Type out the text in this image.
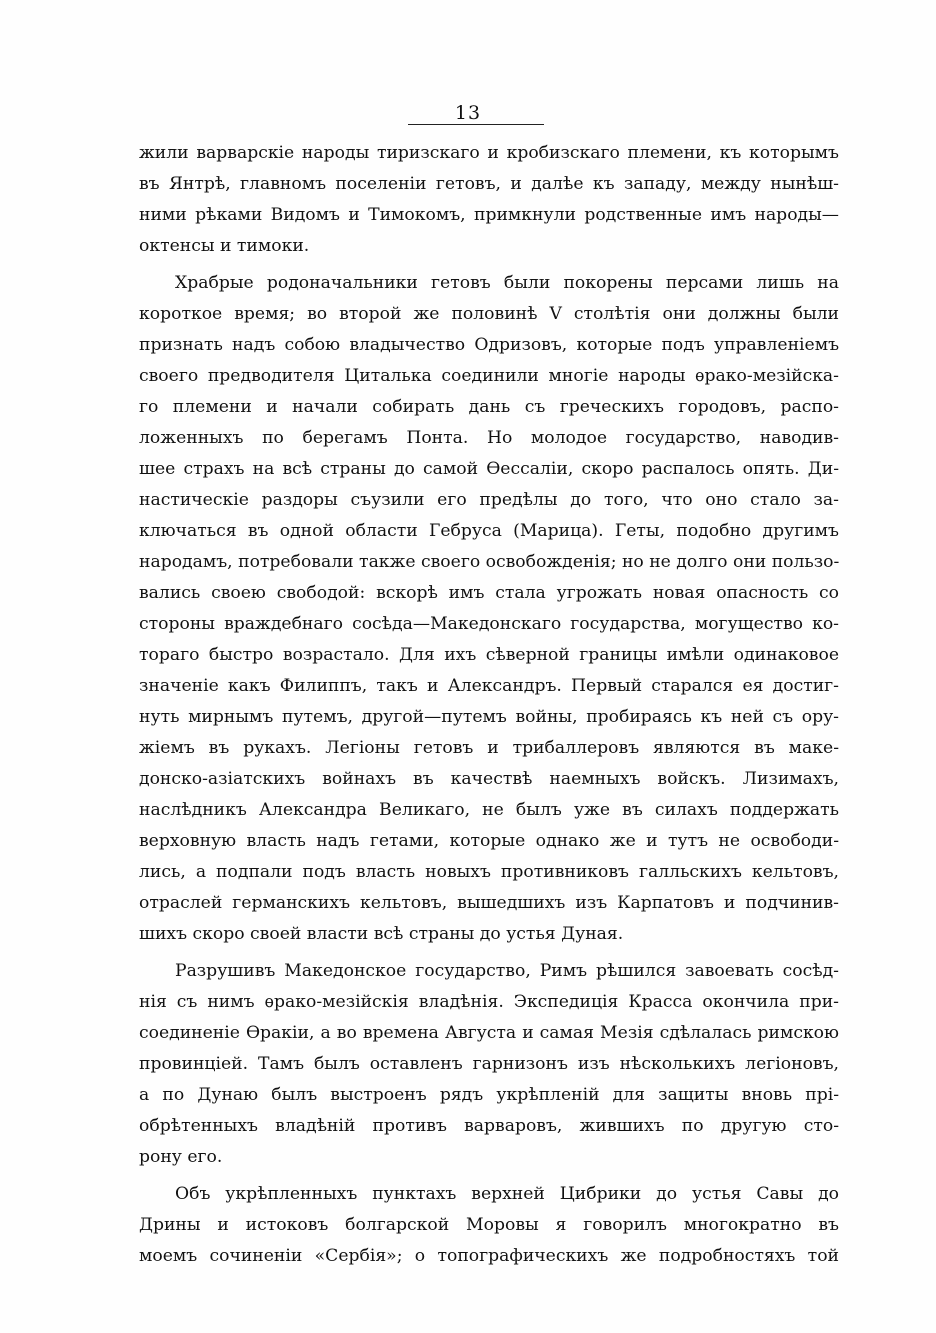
13
жили варварскіе народы тиризскаго и кробизскаго племени, къ которымъ
въ Янтрѣ, главномъ поселеніи гетовъ, и далѣе къ западу, между нынѣш-
ними рѣками Видомъ и Тимокомъ, примкнули родственные имъ народы—
октенсы и тимоки.
Храбрые родоначальники гетовъ были покорены персами лишь на
короткое время; во второй же половинѣ V столѣтія они должны были
признать надъ собою владычество Одризовъ, которые подъ управленіемъ
своего предводителя Циталька соединили многіе народы ѳрако-мезійска-
го племени и начали собирать дань съ греческихъ городовъ, распо-
ложенныхъ по берегамъ Понта. Но молодое государство, наводив-
шее страхъ на всѣ страны до самой Ѳессаліи, скоро распалось опять. Ди-
настическіе раздоры съузили его предѣлы до того, что оно стало за-
ключаться въ одной области Гебруса (Марица). Геты, подобно другимъ
народамъ, потребовали также своего освобожденія; но не долго они пользо-
вались своею свободой: вскорѣ имъ стала угрожать новая опасность со
стороны враждебнаго сосѣда—Македонскаго государства, могущество ко-
тораго быстро возрастало. Для ихъ сѣверной границы имѣли одинаковое
значеніе какъ Филиппъ, такъ и Александръ. Первый старался ея достиг-
нуть мирнымъ путемъ, другой—путемъ войны, пробираясь къ ней съ ору-
жіемъ въ рукахъ. Легіоны гетовъ и трибаллеровъ являются въ маке-
донско-азіатскихъ войнахъ въ качествѣ наемныхъ войскъ. Лизимахъ,
наслѣдникъ Александра Великаго, не былъ уже въ силахъ поддержать
верховную власть надъ гетами, которые однако же и тутъ не освободи-
лись, а подпали подъ власть новыхъ противниковъ галльскихъ кельтовъ,
отраслей германскихъ кельтовъ, вышедшихъ изъ Карпатовъ и подчинив-
шихъ скоро своей власти всѣ страны до устья Дуная.
Разрушивъ Македонское государство, Римъ рѣшился завоевать сосѣд-
нія съ нимъ ѳрако-мезійскія владѣнія. Экспедиція Красса окончила при-
соединеніе Ѳракіи, а во времена Августа и самая Мезія сдѣлалась римскою
провинціей. Тамъ былъ оставленъ гарнизонъ изъ нѣсколькихъ легіоновъ,
а по Дунаю былъ выстроенъ рядъ укрѣпленій для защиты вновь прі-
обрѣтенныхъ владѣній противъ варваровъ, жившихъ по другую сто-
рону его.
Объ укрѣпленныхъ пунктахъ верхней Цибрики до устья Савы до
Дрины и истоковъ болгарской Моровы я говорилъ многократно въ
моемъ сочиненіи «Сербія»; о топографическихъ же подробностяхъ той
